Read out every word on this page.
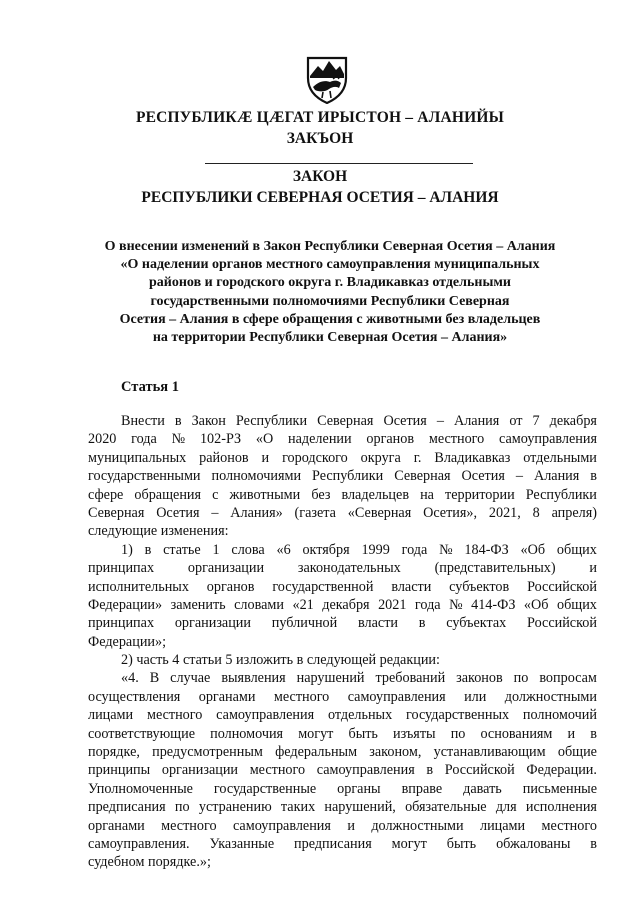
РЕСПУБЛИКÆ ЦÆГАТ ИРЫСТОН – АЛАНИЙЫ
ЗАКЪОН
ЗАКОН
РЕСПУБЛИКИ СЕВЕРНАЯ ОСЕТИЯ – АЛАНИЯ
О внесении изменений в Закон Республики Северная Осетия – Алания
«О наделении органов местного самоуправления муниципальных
районов и городского округа г. Владикавказ отдельными
государственными полномочиями Республики Северная
Осетия – Алания в сфере обращения с животными без владельцев
на территории Республики Северная Осетия – Алания»
Статья 1
Внести в Закон Республики Северная Осетия – Алания от 7 декабря
2020 года № 102-РЗ «О наделении органов местного самоуправления
муниципальных районов и городского округа г. Владикавказ отдельными
государственными полномочиями Республики Северная Осетия – Алания в
сфере обращения с животными без владельцев на территории Республики
Северная Осетия – Алания» (газета «Северная Осетия», 2021, 8 апреля)
следующие изменения:
1) в статье 1 слова «6 октября 1999 года № 184-ФЗ «Об общих
принципах организации законодательных (представительных) и
исполнительных органов государственной власти субъектов Российской
Федерации» заменить словами «21 декабря 2021 года № 414-ФЗ «Об общих
принципах организации публичной власти в субъектах Российской
Федерации»;
2) часть 4 статьи 5 изложить в следующей редакции:
«4. В случае выявления нарушений требований законов по вопросам
осуществления органами местного самоуправления или должностными
лицами местного самоуправления отдельных государственных полномочий
соответствующие полномочия могут быть изъяты по основаниям и в
порядке, предусмотренным федеральным законом, устанавливающим общие
принципы организации местного самоуправления в Российской Федерации.
Уполномоченные государственные органы вправе давать письменные
предписания по устранению таких нарушений, обязательные для исполнения
органами местного самоуправления и должностными лицами местного
самоуправления. Указанные предписания могут быть обжалованы в
судебном порядке.»;
